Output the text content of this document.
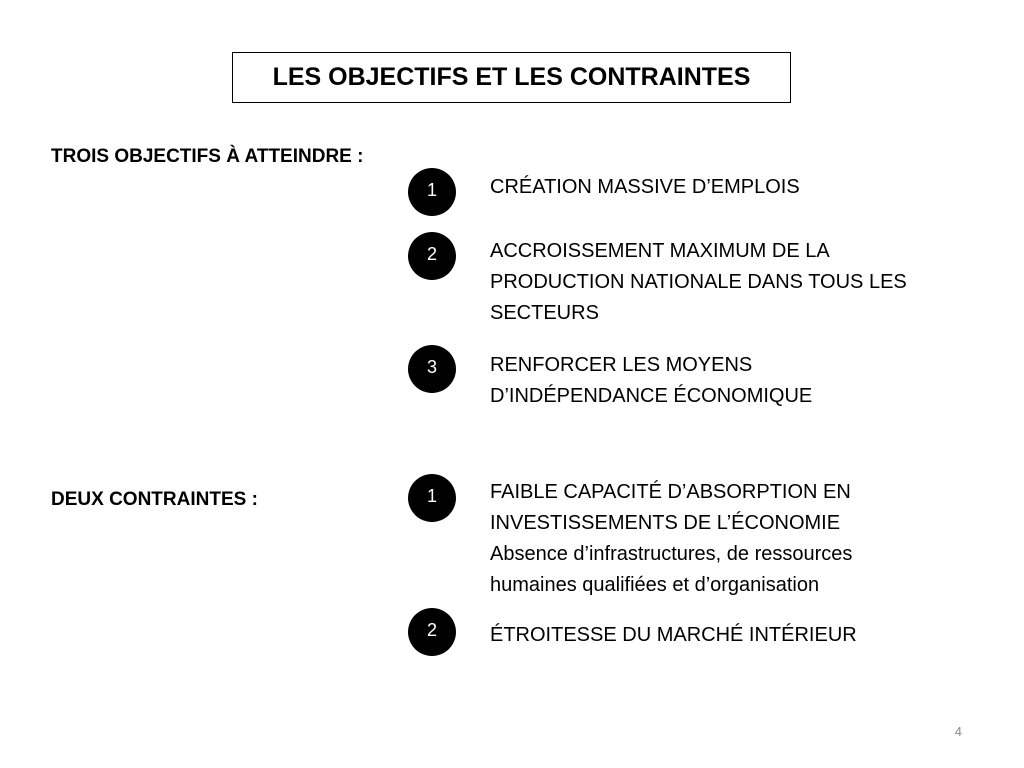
LES OBJECTIFS ET LES CONTRAINTES
TROIS OBJECTIFS À ATTEINDRE :
1	CRÉATION MASSIVE D’EMPLOIS

2	ACCROISSEMENT MAXIMUM DE LA PRODUCTION NATIONALE DANS TOUS LES SECTEURS

3	RENFORCER LES MOYENS D’INDÉPENDANCE ÉCONOMIQUE

DEUX CONTRAINTES :	1	FAIBLE CAPACITÉ D’ABSORPTION EN INVESTISSEMENTS DE L’ÉCONOMIE

Absence d’infrastructures, de ressources humaines qualifiées et d’organisation

2	ÉTROITESSE DU MARCHÉ INTÉRIEUR

4
